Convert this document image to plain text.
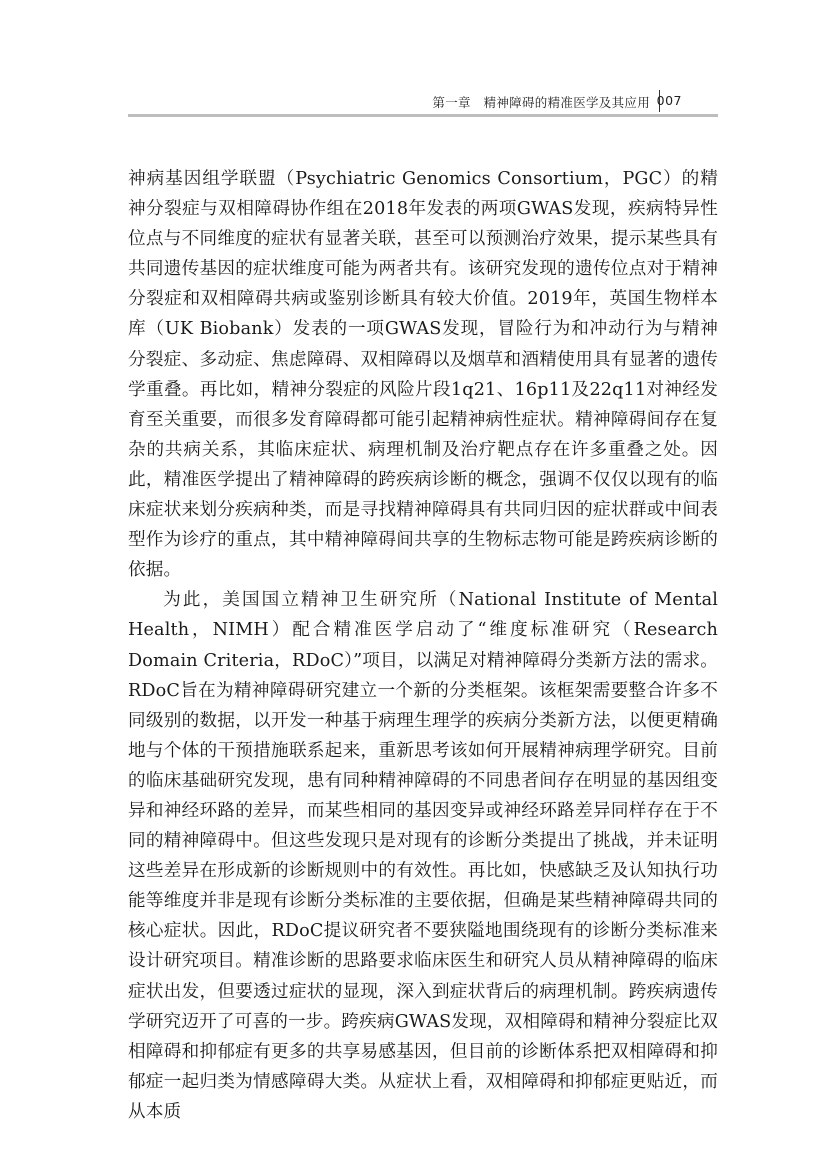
第一章　精神障碍的精准医学及其应用 007

神病基因组学联盟（Psychiatric Genomics Consortium，PGC）的精神分裂症与双相障碍协作组在2018年发表的两项GWAS发现，疾病特异性位点与不同维度的症状有显著关联，甚至可以预测治疗效果，提示某些具有共同遗传基因的症状维度可能为两者共有。该研究发现的遗传位点对于精神分裂症和双相障碍共病或鉴别诊断具有较大价值。2019年，英国生物样本库（UK Biobank）发表的一项GWAS发现，冒险行为和冲动行为与精神分裂症、多动症、焦虑障碍、双相障碍以及烟草和酒精使用具有显著的遗传学重叠。再比如，精神分裂症的风险片段1q21、16p11及22q11对神经发育至关重要，而很多发育障碍都可能引起精神病性症状。精神障碍间存在复杂的共病关系，其临床症状、病理机制及治疗靶点存在许多重叠之处。因此，精准医学提出了精神障碍的跨疾病诊断的概念，强调不仅仅以现有的临床症状来划分疾病种类，而是寻找精神障碍具有共同归因的症状群或中间表型作为诊疗的重点，其中精神障碍间共享的生物标志物可能是跨疾病诊断的依据。

为此，美国国立精神卫生研究所（National Institute of Mental Health，NIMH）配合精准医学启动了“维度标准研究（Research Domain Criteria，RDoC）”项目，以满足对精神障碍分类新方法的需求。RDoC旨在为精神障碍研究建立一个新的分类框架。该框架需要整合许多不同级别的数据，以开发一种基于病理生理学的疾病分类新方法，以便更精确地与个体的干预措施联系起来，重新思考该如何开展精神病理学研究。目前的临床基础研究发现，患有同种精神障碍的不同患者间存在明显的基因组变异和神经环路的差异，而某些相同的基因变异或神经环路差异同样存在于不同的精神障碍中。但这些发现只是对现有的诊断分类提出了挑战，并未证明这些差异在形成新的诊断规则中的有效性。再比如，快感缺乏及认知执行功能等维度并非是现有诊断分类标准的主要依据，但确是某些精神障碍共同的核心症状。因此，RDoC提议研究者不要狭隘地围绕现有的诊断分类标准来设计研究项目。精准诊断的思路要求临床医生和研究人员从精神障碍的临床症状出发，但要透过症状的显现，深入到症状背后的病理机制。跨疾病遗传学研究迈开了可喜的一步。跨疾病GWAS发现，双相障碍和精神分裂症比双相障碍和抑郁症有更多的共享易感基因，但目前的诊断体系把双相障碍和抑郁症一起归类为情感障碍大类。从症状上看，双相障碍和抑郁症更贴近，而从本质
